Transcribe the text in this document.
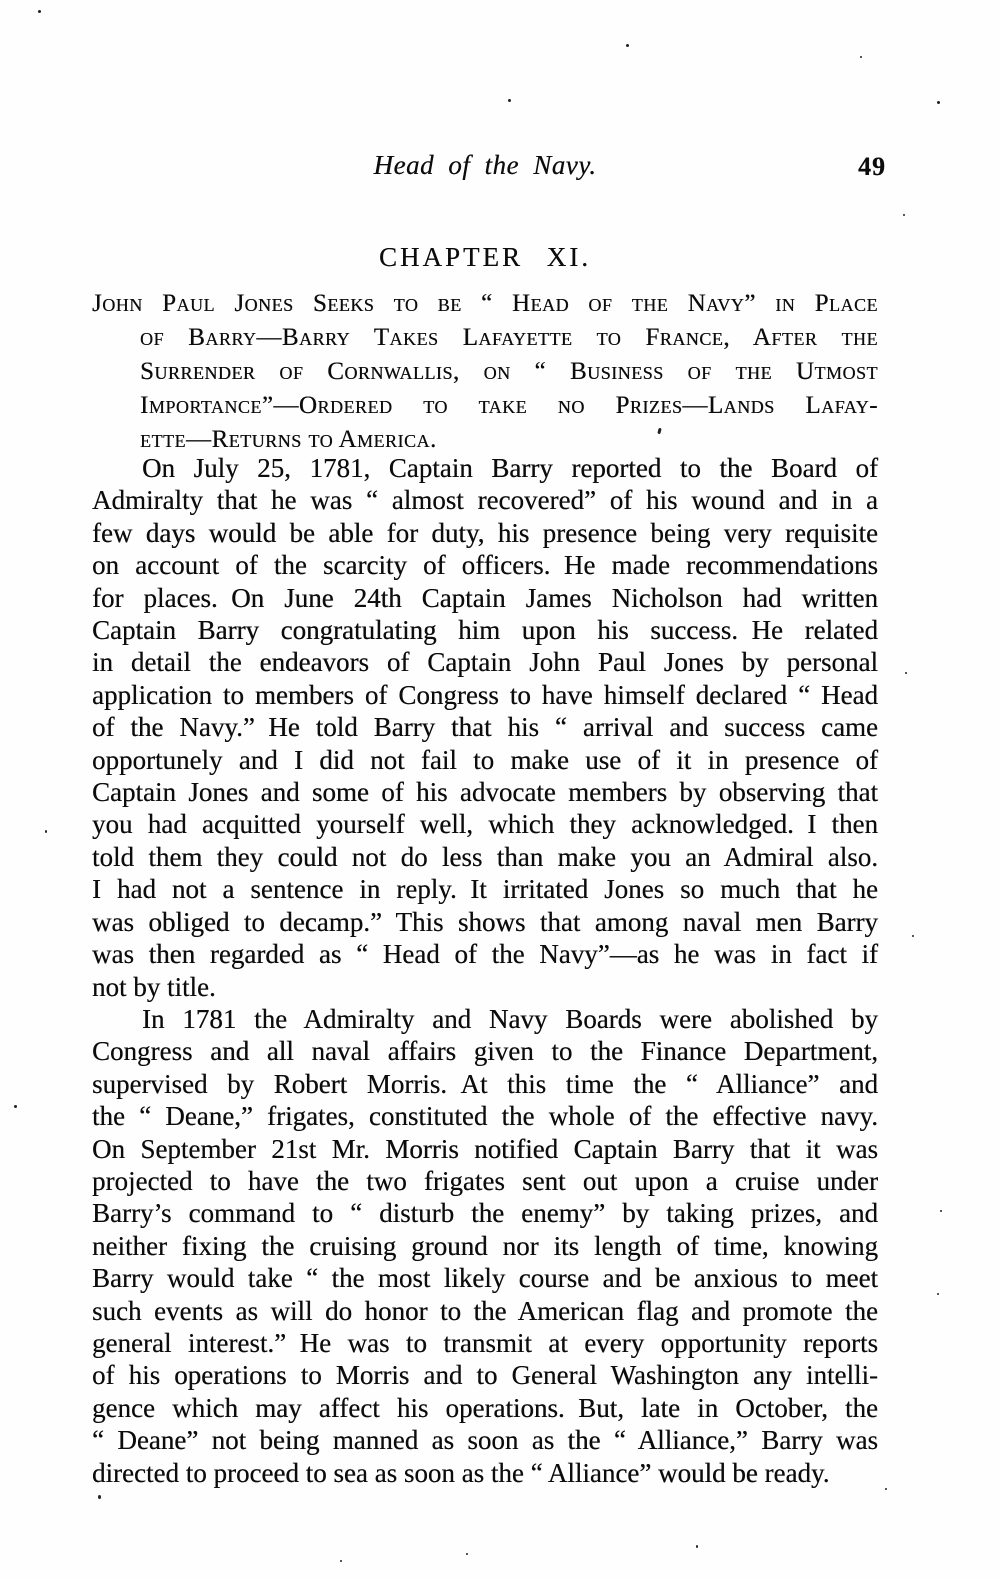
Head of the Navy.	49
CHAPTER XI.
John Paul Jones Seeks to be “ Head of the Navy” in Place
of Barry—Barry Takes Lafayette to France, After the
Surrender of Cornwallis, on “ Business of the Utmost
Importance”—Ordered to take no Prizes—Lands Lafay-
ette—Returns to America.
On July 25, 1781, Captain Barry reported to the Board of
Admiralty that he was “ almost recovered” of his wound and in a
few days would be able for duty, his presence being very requisite
on account of the scarcity of officers. He made recommendations
for places. On June 24th Captain James Nicholson had written
Captain Barry congratulating him upon his success. He related
in detail the endeavors of Captain John Paul Jones by personal
application to members of Congress to have himself declared “ Head
of the Navy.” He told Barry that his “ arrival and success came
opportunely and I did not fail to make use of it in presence of
Captain Jones and some of his advocate members by observing that
you had acquitted yourself well, which they acknowledged. I then
told them they could not do less than make you an Admiral also.
I had not a sentence in reply. It irritated Jones so much that he
was obliged to decamp.” This shows that among naval men Barry
was then regarded as “ Head of the Navy”—as he was in fact if
not by title.
In 1781 the Admiralty and Navy Boards were abolished by
Congress and all naval affairs given to the Finance Department,
supervised by Robert Morris. At this time the “ Alliance” and
the “ Deane,” frigates, constituted the whole of the effective navy.
On September 21st Mr. Morris notified Captain Barry that it was
projected to have the two frigates sent out upon a cruise under
Barry’s command to “ disturb the enemy” by taking prizes, and
neither fixing the cruising ground nor its length of time, knowing
Barry would take “ the most likely course and be anxious to meet
such events as will do honor to the American flag and promote the
general interest.” He was to transmit at every opportunity reports
of his operations to Morris and to General Washington any intelli-
gence which may affect his operations. But, late in October, the
“ Deane” not being manned as soon as the “ Alliance,” Barry was
directed to proceed to sea as soon as the “ Alliance” would be ready.
